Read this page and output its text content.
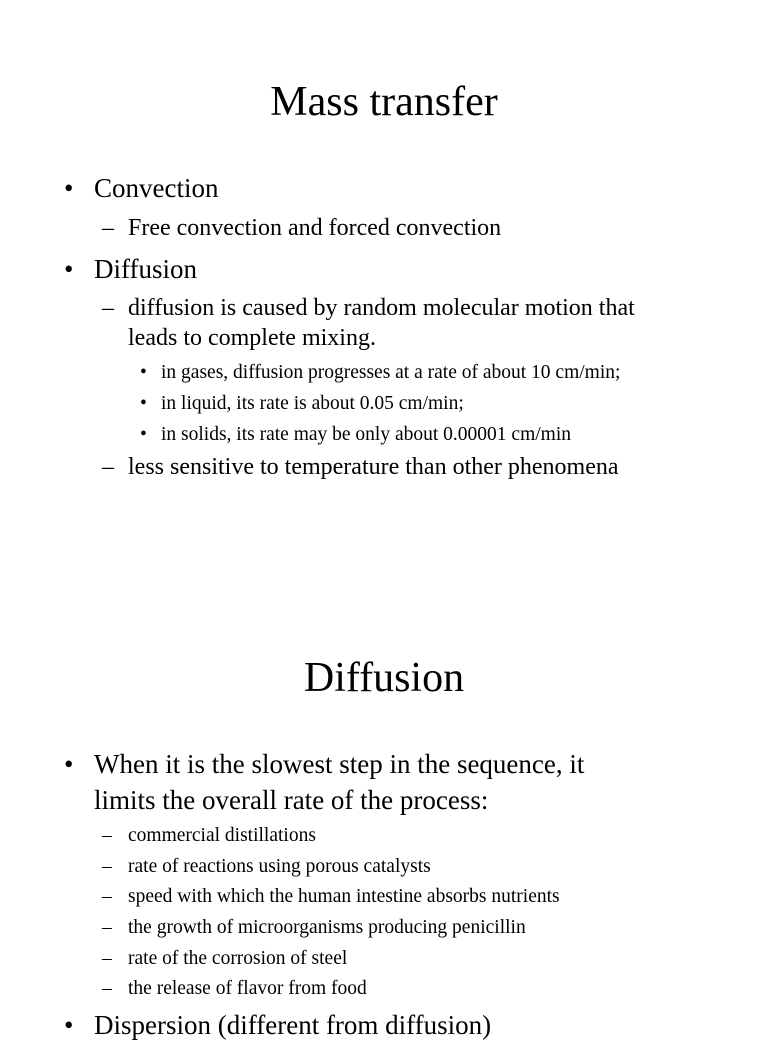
Mass transfer
• Convection
– Free convection and forced convection
• Diffusion
– diffusion is caused by random molecular motion that
leads to complete mixing.
• in gases, diffusion progresses at a rate of about 10 cm/min;
• in liquid, its rate is about 0.05 cm/min;
• in solids, its rate may be only about 0.00001 cm/min
– less sensitive to temperature than other phenomena
Diffusion
• When it is the slowest step in the sequence, it
limits the overall rate of the process:
– commercial distillations
– rate of reactions using porous catalysts
– speed with which the human intestine absorbs nutrients
– the growth of microorganisms producing penicillin
– rate of the corrosion of steel
– the release of flavor from food
• Dispersion (different from diffusion)
